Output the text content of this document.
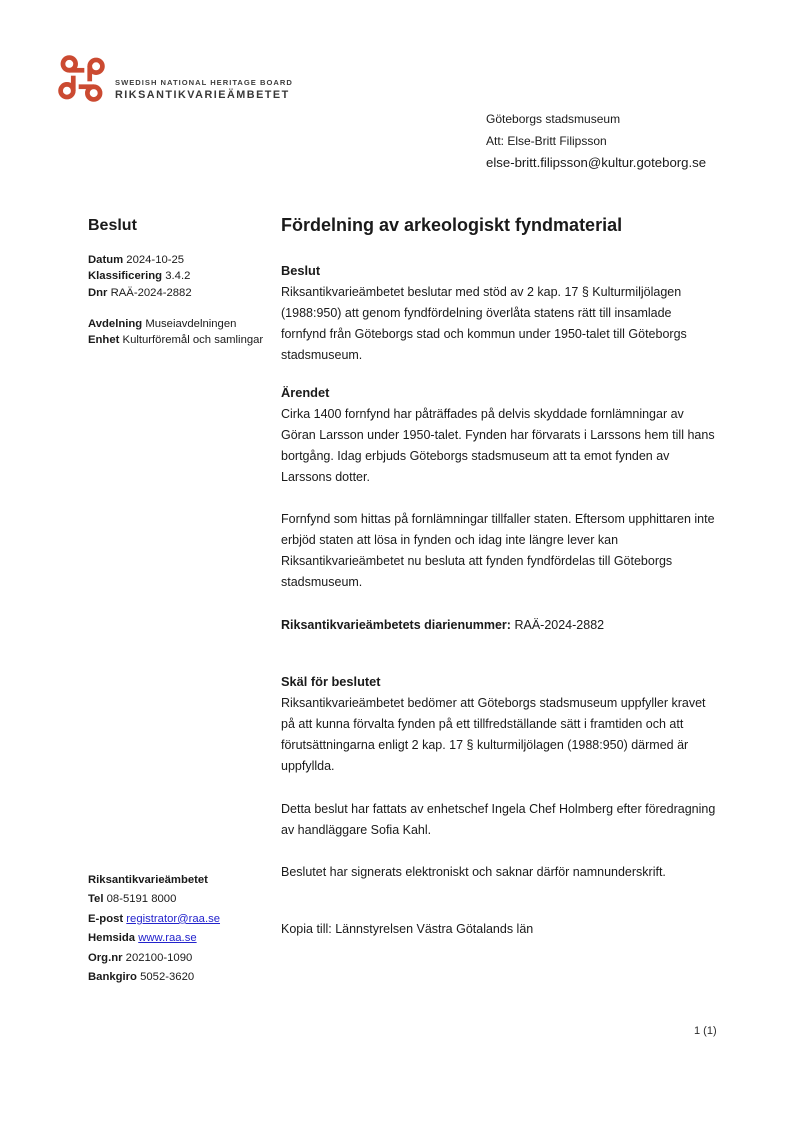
SWEDISH NATIONAL HERITAGE BOARD
RIKSANTIKVARIEÄMBETET
Göteborgs stadsmuseum
Att: Else-Britt Filipsson
else-britt.filipsson@kultur.goteborg.se
Beslut
Datum 2024-10-25
Klassificering 3.4.2
Dnr RAÄ-2024-2882
Avdelning Museiavdelningen
Enhet Kulturföremål och samlingar
Fördelning av arkeologiskt fyndmaterial
Beslut

Riksantikvarieämbetet beslutar med stöd av 2 kap. 17 § Kulturmiljölagen (1988:950) att genom fyndfördelning överlåta statens rätt till insamlade fornfynd från Göteborgs stad och kommun under 1950-talet till Göteborgs stadsmuseum.

Ärendet

Cirka 1400 fornfynd har påträffades på delvis skyddade fornlämningar av Göran Larsson under 1950-talet. Fynden har förvarats i Larssons hem till hans bortgång. Idag erbjuds Göteborgs stadsmuseum att ta emot fynden av Larssons dotter.

Fornfynd som hittas på fornlämningar tillfaller staten. Eftersom upphittaren inte erbjöd staten att lösa in fynden och idag inte längre lever kan Riksantikvarieämbetet nu besluta att fynden fyndfördelas till Göteborgs stadsmuseum.

Riksantikvarieämbetets diarienummer: RAÄ-2024-2882

Skäl för beslutet

Riksantikvarieämbetet bedömer att Göteborgs stadsmuseum uppfyller kravet på att kunna förvalta fynden på ett tillfredställande sätt i framtiden och att förutsättningarna enligt 2 kap. 17 § kulturmiljölagen (1988:950) därmed är uppfyllda.

Detta beslut har fattats av enhetschef Ingela Chef Holmberg efter föredragning av handläggare Sofia Kahl.

Beslutet har signerats elektroniskt och saknar därför namnunderskrift.

Kopia till: Lännstyrelsen Västra Götalands län

Riksantikvarieämbetet
Tel 08-5191 8000
E-post registrator@raa.se
Hemsida www.raa.se
Org.nr 202100-1090
Bankgiro 5052-3620
1 (1)
